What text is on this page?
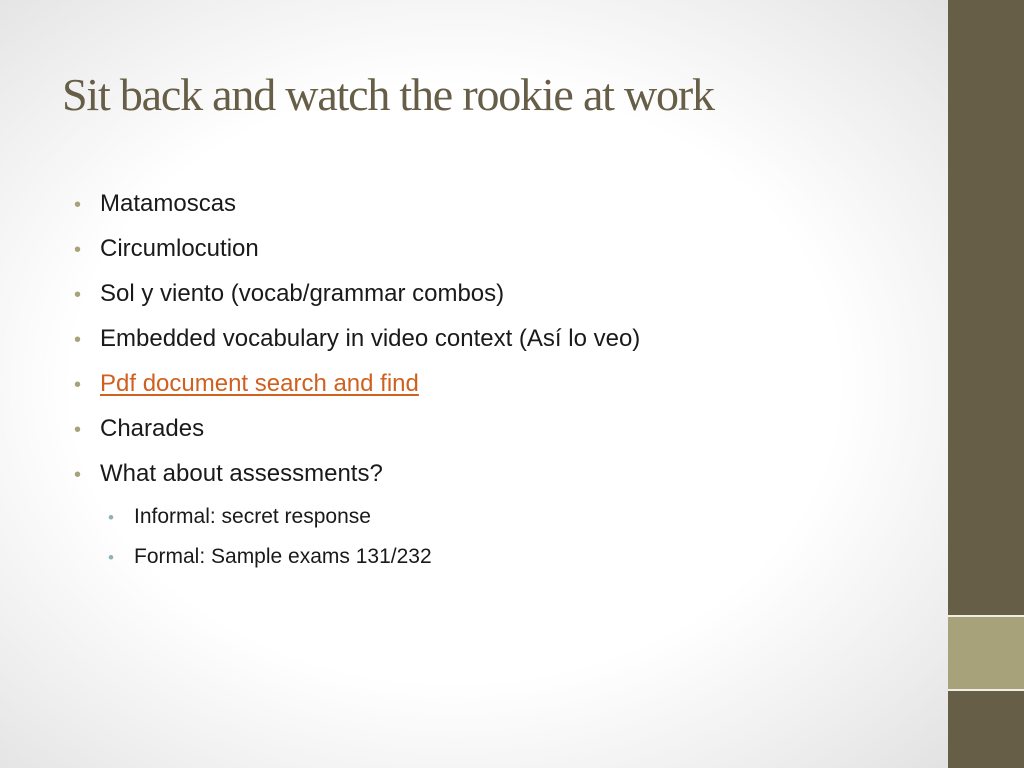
Sit back and watch the rookie at work
• Matamoscas
• Circumlocution
• Sol y viento (vocab/grammar combos)
• Embedded vocabulary in video context (Así lo veo)
• Pdf document search and find
• Charades
• What about assessments?
• Informal: secret response
• Formal: Sample exams 131/232
